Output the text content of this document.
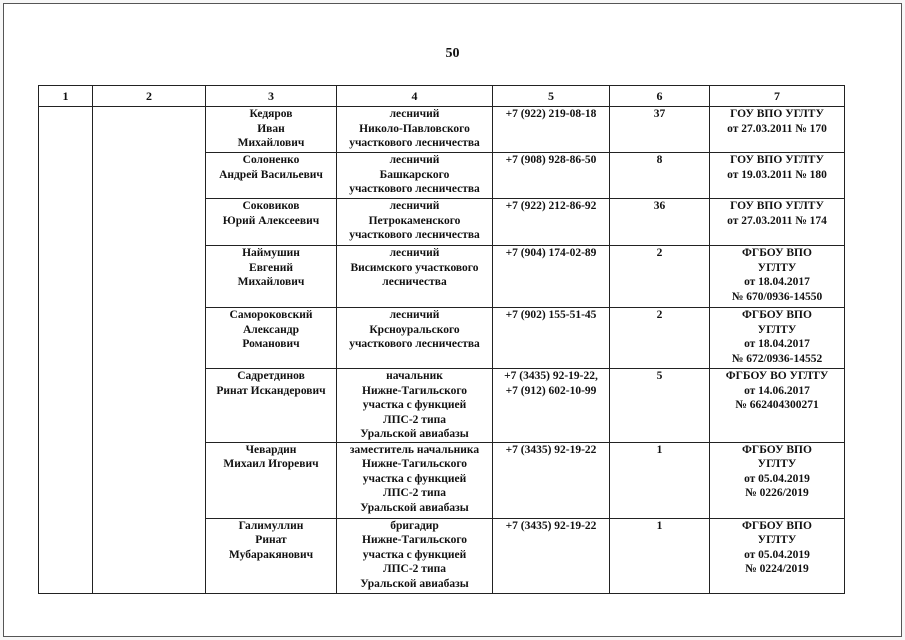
50
1	2	3	4	5	6	7
		Кедяров
Иван
Михайлович	лесничий
Николо-Павловского
участкового лесничества	+7 (922) 219-08-18	37	ГОУ ВПО УГЛТУ
от 27.03.2011 № 170
		Солоненко
Андрей Васильевич	лесничий
Башкарского
участкового лесничества	+7 (908) 928-86-50	8	ГОУ ВПО УГЛТУ
от 19.03.2011 № 180
		Соковиков
Юрий Алексеевич	лесничий
Петрокаменского
участкового лесничества	+7 (922) 212-86-92	36	ГОУ ВПО УГЛТУ
от 27.03.2011 № 174
		Наймушин
Евгений
Михайлович	лесничий
Висимского участкового
лесничества	+7 (904) 174-02-89	2	ФГБОУ ВПО
УГЛТУ
от 18.04.2017
№ 670/0936-14550
		Самороковский
Александр
Романович	лесничий
Крсноуральского
участкового лесничества	+7 (902) 155-51-45	2	ФГБОУ ВПО
УГЛТУ
от 18.04.2017
№ 672/0936-14552
		Садретдинов
Ринат Искандерович	начальник
Нижне-Тагильского
участка с функцией
ЛПС-2 типа
Уральской авиабазы	+7 (3435) 92-19-22,
+7 (912) 602-10-99	5	ФГБОУ ВО УГЛТУ
от 14.06.2017
№ 662404300271
		Чевардин
Михаил Игоревич	заместитель начальника
Нижне-Тагильского
участка с функцией
ЛПС-2 типа
Уральской авиабазы	+7 (3435) 92-19-22	1	ФГБОУ ВПО
УГЛТУ
от 05.04.2019
№ 0226/2019
		Галимуллин
Ринат
Мубаракянович	бригадир
Нижне-Тагильского
участка с функцией
ЛПС-2 типа
Уральской авиабазы	+7 (3435) 92-19-22	1	ФГБОУ ВПО
УГЛТУ
от 05.04.2019
№ 0224/2019
